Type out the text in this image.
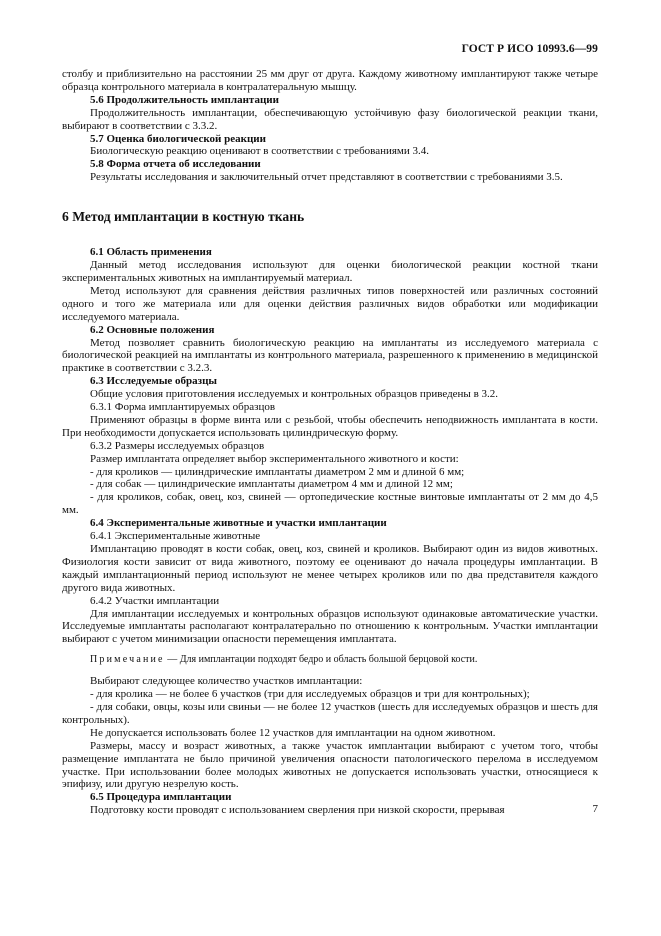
ГОСТ Р ИСО 10993.6—99

столбу и приблизительно на расстоянии 25 мм друг от друга. Каждому животному имплантируют также четыре образца контрольного материала в контралатеральную мышцу.

5.6 Продолжительность имплантации

Продолжительность имплантации, обеспечивающую устойчивую фазу биологической реакции ткани, выбирают в соответствии с 3.3.2.

5.7 Оценка биологической реакции

Биологическую реакцию оценивают в соответствии с требованиями 3.4.

5.8 Форма отчета об исследовании

Результаты исследования и заключительный отчет представляют в соответствии с требованиями 3.5.

6 Метод имплантации в костную ткань

6.1 Область применения

Данный метод исследования используют для оценки биологической реакции костной ткани экспериментальных животных на имплантируемый материал.

Метод используют для сравнения действия различных типов поверхностей или различных состояний одного и того же материала или для оценки действия различных видов обработки или модификации исследуемого материала.

6.2 Основные положения

Метод позволяет сравнить биологическую реакцию на имплантаты из исследуемого материала с биологической реакцией на имплантаты из контрольного материала, разрешенного к применению в медицинской практике в соответствии с 3.2.3.

6.3 Исследуемые образцы

Общие условия приготовления исследуемых и контрольных образцов приведены в 3.2.

6.3.1 Форма имплантируемых образцов

Применяют образцы в форме винта или с резьбой, чтобы обеспечить неподвижность имплантата в кости. При необходимости допускается использовать цилиндрическую форму.

6.3.2 Размеры исследуемых образцов

Размер имплантата определяет выбор экспериментального животного и кости:

- для кроликов — цилиндрические имплантаты диаметром 2 мм и длиной 6 мм;

- для собак — цилиндрические имплантаты диаметром 4 мм и длиной 12 мм;

- для кроликов, собак, овец, коз, свиней — ортопедические костные винтовые имплантаты от 2 мм до 4,5 мм.

6.4 Экспериментальные животные и участки имплантации

6.4.1 Экспериментальные животные

Имплантацию проводят в кости собак, овец, коз, свиней и кроликов. Выбирают один из видов животных. Физиология кости зависит от вида животного, поэтому ее оценивают до начала процедуры имплантации. В каждый имплантационный период используют не менее четырех кроликов или по два представителя каждого другого вида животных.

6.4.2 Участки имплантации

Для имплантации исследуемых и контрольных образцов используют одинаковые автоматические участки. Исследуемые имплантаты располагают контралатерально по отношению к контрольным. Участки имплантации выбирают с учетом минимизации опасности перемещения имплантата.

Примечание — Для имплантации подходят бедро и область большой берцовой кости.

Выбирают следующее количество участков имплантации:

- для кролика — не более 6 участков (три для исследуемых образцов и три для контрольных);

- для собаки, овцы, козы или свиньи — не более 12 участков (шесть для исследуемых образцов и шесть для контрольных).

Не допускается использовать более 12 участков для имплантации на одном животном.

Размеры, массу и возраст животных, а также участок имплантации выбирают с учетом того, чтобы размещение имплантата не было причиной увеличения опасности патологического перелома в исследуемом участке. При использовании более молодых животных не допускается использовать участки, относящиеся к эпифизу, или другую незрелую кость.

6.5 Процедура имплантации

Подготовку кости проводят с использованием сверления при низкой скорости, прерывая	7
